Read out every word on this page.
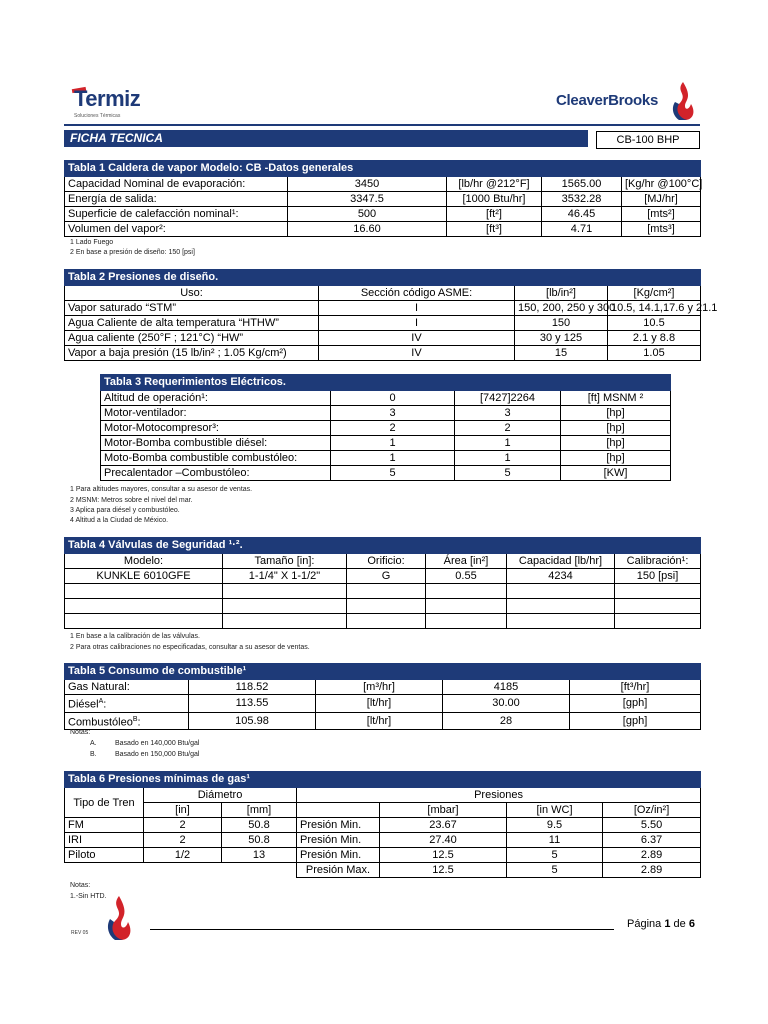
Termiz
Soluciones Térmicas
CleaverBrooks
FICHA TECNICA	CB-100 BHP
Tabla 1 Caldera de vapor Modelo: CB -Datos generales				
Capacidad Nominal de evaporación:	3450	[lb/hr @212°F]	1565.00	[Kg/hr @100°C]
Energía de salida:	3347.5	[1000 Btu/hr]	3532.28	[MJ/hr]
Superficie de calefacción nominal¹:	500	[ft²]	46.45	[mts²]
Volumen del vapor²:	16.60	[ft³]	4.71	[mts³]
1 Lado Fuego
2 En base a presión de diseño: 150 [psi]
Tabla 2 Presiones de diseño.			
Uso:	Sección código ASME:	[lb/in²]	[Kg/cm²]
Vapor saturado “STM”	I	150, 200, 250 y 300	10.5, 14.1,17.6 y 21.1
Agua Caliente de alta temperatura “HTHW”	I	150	10.5
Agua caliente (250°F ; 121°C) “HW”	IV	30 y 125	2.1 y 8.8
Vapor a baja presión (15 lb/in² ; 1.05 Kg/cm²)	IV	15	1.05
Tabla 3 Requerimientos Eléctricos.			
Altitud de operación¹:	0	[7427]2264	[ft] MSNM ²
Motor-ventilador:	3	3	[hp]
Motor-Motocompresor³:	2	2	[hp]
Motor-Bomba combustible diésel:	1	1	[hp]
Moto-Bomba combustible combustóleo:	1	1	[hp]
Precalentador –Combustóleo:	5	5	[KW]
1 Para altitudes mayores, consultar a su asesor de ventas.
2 MSNM: Metros sobre el nivel del mar.
3 Aplica para diésel y combustóleo.
4 Altitud a la Ciudad de México.
Tabla 4 Válvulas de Seguridad ¹·².					
Modelo:	Tamaño [in]:	Orificio:	Área [in²]	Capacidad [lb/hr]	Calibración¹:
KUNKLE 6010GFE	1-1/4" X 1-1/2"	G	0.55	4234	150 [psi]

1 En base a la calibración de las válvulas.
2 Para otras calibraciones no especificadas, consultar a su asesor de ventas.
Tabla 5 Consumo de combustible¹				
Gas Natural:	118.52	[m³/hr]	4185	[ft³/hr]
Diésel$^A$:	113.55	[lt/hr]	30.00	[gph]
Combustóleo$^B$:	105.98	[lt/hr]	28	[gph]
Notas:
A.	Basado en 140,000 Btu/gal
B.	Basado en 150,000 Btu/gal
Tabla 6 Presiones mínimas de gas¹						
Tipo de Tren	Diámetro		Presiones			
	[in]	[mm]		[mbar]	[in WC]	[Oz/in²]
FM	2	50.8	Presión Min.	23.67	9.5	5.50
IRI	2	50.8	Presión Min.	27.40	11	6.37
Piloto	1/2	13	Presión Min.	12.5	5	2.89
			Presión Max.	12.5	5	2.89
Notas:
1.-Sin HTD.
REV 05
Página 1 de 6
